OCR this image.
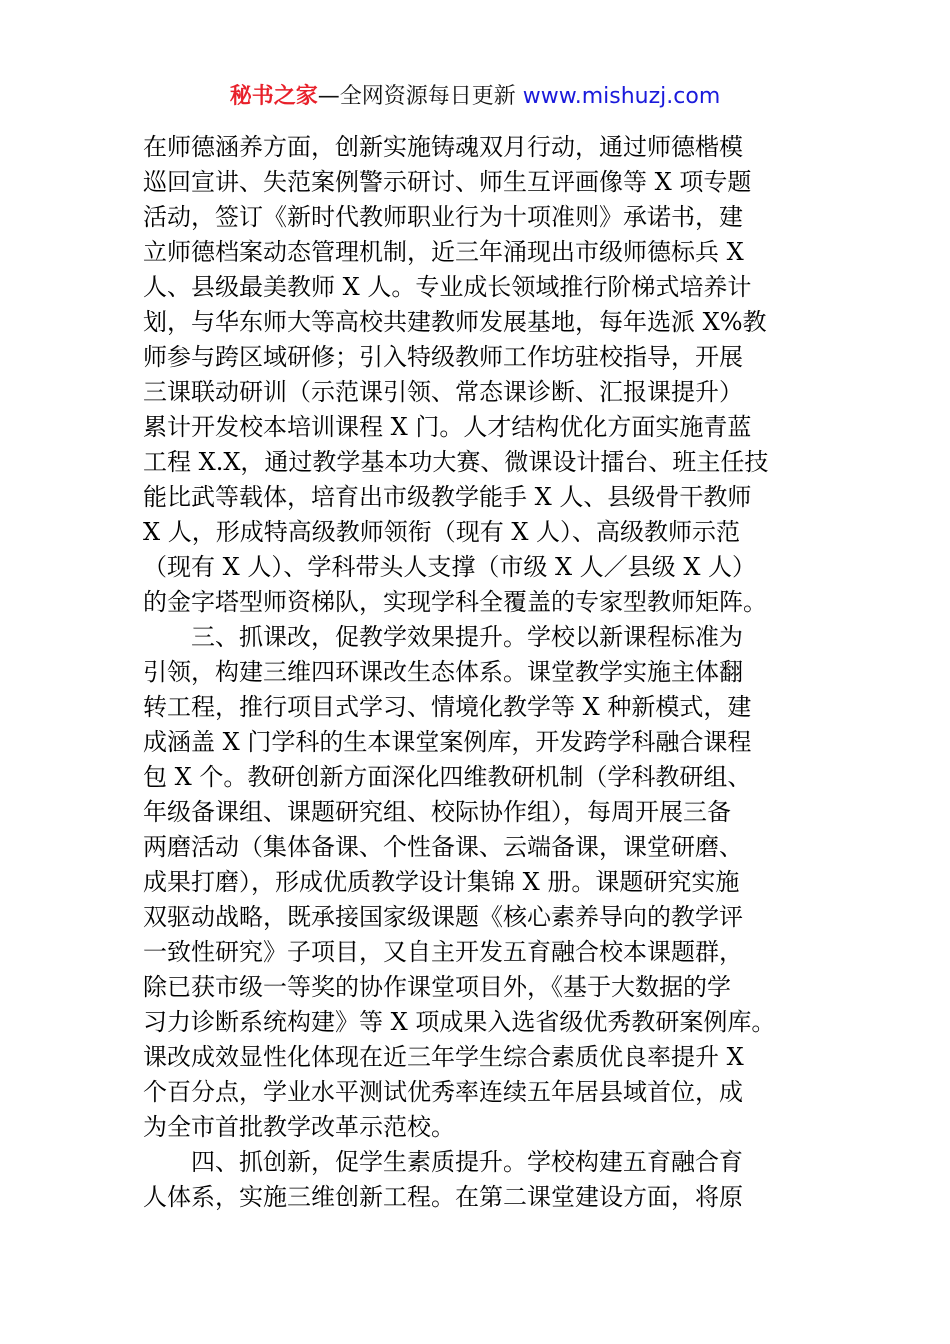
秘书之家—全网资源每日更新 www.mishuzj.com
在师德涵养方面，创新实施铸魂双月行动，通过师德楷模
巡回宣讲、失范案例警示研讨、师生互评画像等 X 项专题
活动，签订《新时代教师职业行为十项准则》承诺书，建
立师德档案动态管理机制，近三年涌现出市级师德标兵 X
人、县级最美教师 X 人。专业成长领域推行阶梯式培养计
划，与华东师大等高校共建教师发展基地，每年选派 X%教
师参与跨区域研修；引入特级教师工作坊驻校指导，开展
三课联动研训（示范课引领、常态课诊断、汇报课提升）
累计开发校本培训课程 X 门。人才结构优化方面实施青蓝
工程 X.X，通过教学基本功大赛、微课设计擂台、班主任技
能比武等载体，培育出市级教学能手 X 人、县级骨干教师
X 人，形成特高级教师领衔（现有 X 人）、高级教师示范
（现有 X 人）、学科带头人支撑（市级 X 人／县级 X 人）
的金字塔型师资梯队，实现学科全覆盖的专家型教师矩阵。
三、抓课改，促教学效果提升。学校以新课程标准为
引领，构建三维四环课改生态体系。课堂教学实施主体翻
转工程，推行项目式学习、情境化教学等 X 种新模式，建
成涵盖 X 门学科的生本课堂案例库，开发跨学科融合课程
包 X 个。教研创新方面深化四维教研机制（学科教研组、
年级备课组、课题研究组、校际协作组），每周开展三备
两磨活动（集体备课、个性备课、云端备课，课堂研磨、
成果打磨），形成优质教学设计集锦 X 册。课题研究实施
双驱动战略，既承接国家级课题《核心素养导向的教学评
一致性研究》子项目，又自主开发五育融合校本课题群，
除已获市级一等奖的协作课堂项目外，《基于大数据的学
习力诊断系统构建》等 X 项成果入选省级优秀教研案例库。
课改成效显性化体现在近三年学生综合素质优良率提升 X
个百分点，学业水平测试优秀率连续五年居县域首位，成
为全市首批教学改革示范校。
四、抓创新，促学生素质提升。学校构建五育融合育
人体系，实施三维创新工程。在第二课堂建设方面，将原
